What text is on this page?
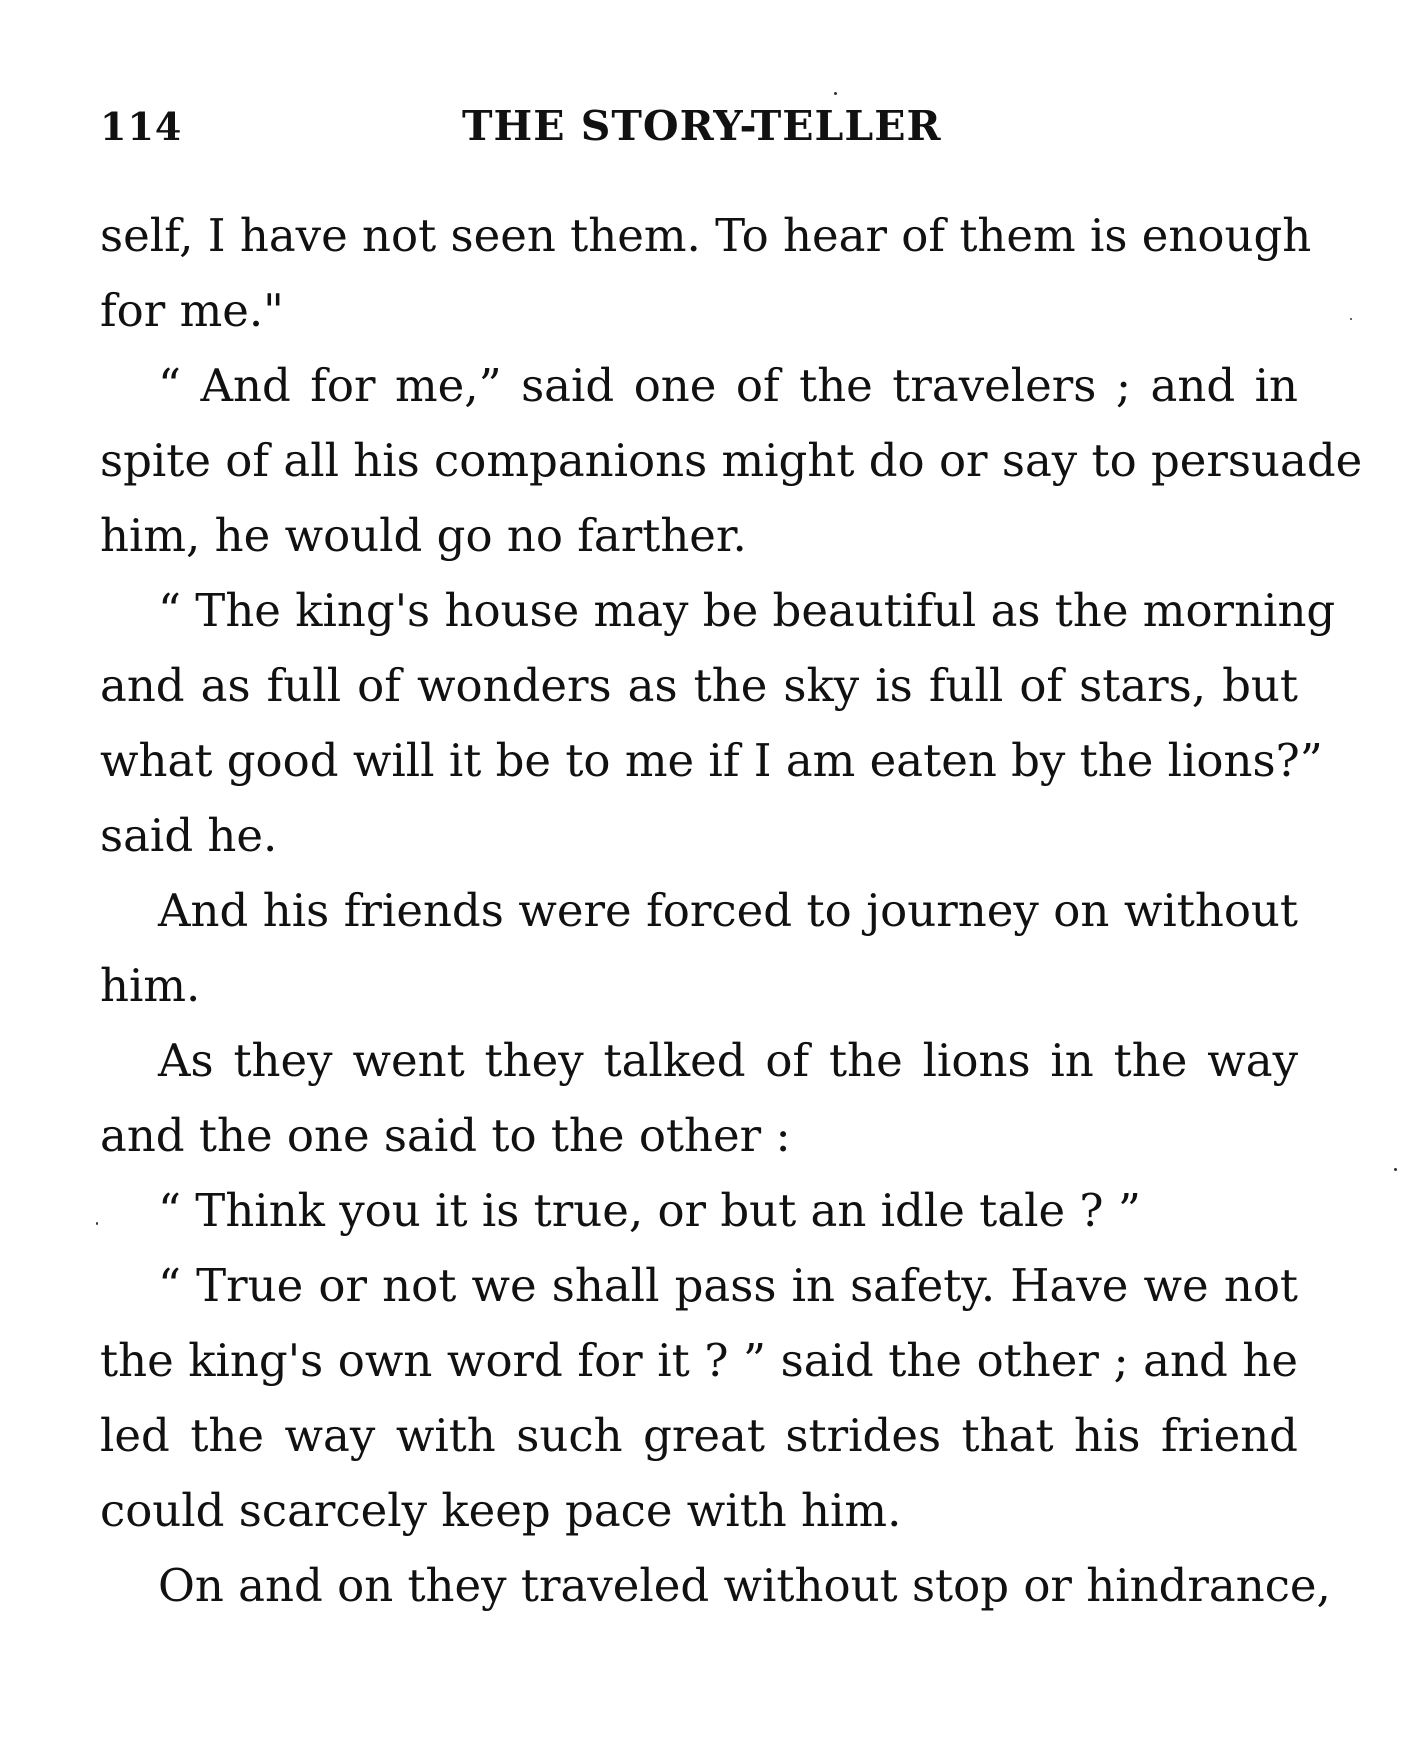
114	THE STORY-TELLER

self, I have not seen them. To hear of them is enough
for me."

“ And for me,” said one of the travelers ; and in
spite of all his companions might do or say to persuade
him, he would go no farther.

“ The king's house may be beautiful as the morning
and as full of wonders as the sky is full of stars, but
what good will it be to me if I am eaten by the lions?”
said he.

And his friends were forced to journey on without
him.

As they went they talked of the lions in the way
and the one said to the other :

“ Think you it is true, or but an idle tale ? ”

“ True or not we shall pass in safety. Have we not
the king's own word for it ? ” said the other ; and he
led the way with such great strides that his friend
could scarcely keep pace with him.

On and on they traveled without stop or hindrance,
